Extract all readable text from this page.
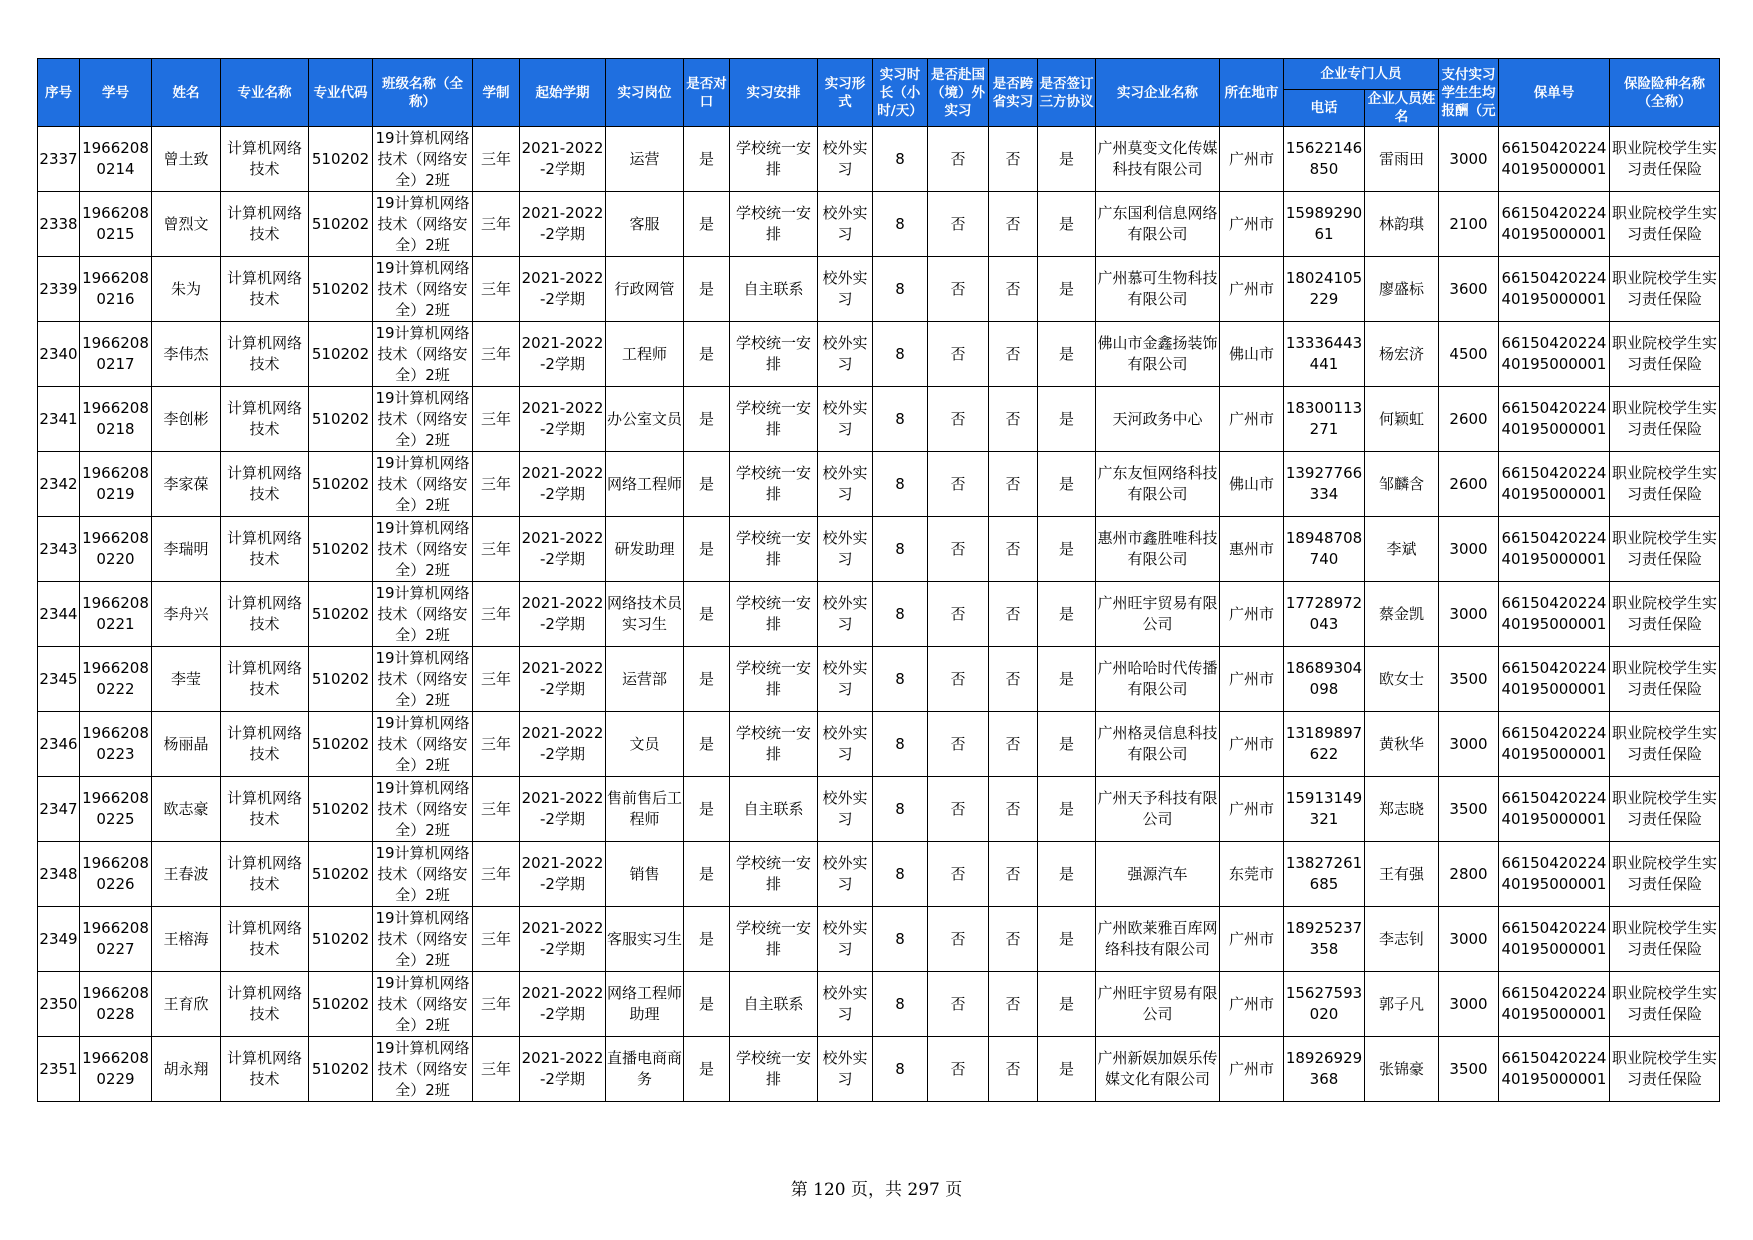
序号	学号	姓名	专业名称	专业代码	班级名称（全称）	学制	起始学期	实习岗位	是否对口	实习安排	实习形式	实习时长（小时/天）	是否赴国（境）外实习	是否跨省实习	是否签订三方协议	实习企业名称	所在地市	企业专门人员		支付实习学生生均报酬（元	保单号	保险险种名称（全称）
																		电话	企业人员姓名			

2337	19662080214	曾土致	计算机网络技术	510202	19计算机网络技术（网络安全）2班	三年	2021-2022-2学期	运营	是	学校统一安排	校外实习	8	否	否	是	广州莫变文化传媒科技有限公司	广州市	15622146850	雷雨田	3000	6615042022440195000001	职业院校学生实习责任保险

2338	19662080215	曾烈文	计算机网络技术	510202	19计算机网络技术（网络安全）2班	三年	2021-2022-2学期	客服	是	学校统一安排	校外实习	8	否	否	是	广东国利信息网络有限公司	广州市	1598929061	林韵琪	2100	6615042022440195000001	职业院校学生实习责任保险

2339	19662080216	朱为	计算机网络技术	510202	19计算机网络技术（网络安全）2班	三年	2021-2022-2学期	行政网管	是	自主联系	校外实习	8	否	否	是	广州慕可生物科技有限公司	广州市	18024105229	廖盛标	3600	6615042022440195000001	职业院校学生实习责任保险

2340	19662080217	李伟杰	计算机网络技术	510202	19计算机网络技术（网络安全）2班	三年	2021-2022-2学期	工程师	是	学校统一安排	校外实习	8	否	否	是	佛山市金鑫扬装饰有限公司	佛山市	13336443441	杨宏济	4500	6615042022440195000001	职业院校学生实习责任保险

2341	19662080218	李创彬	计算机网络技术	510202	19计算机网络技术（网络安全）2班	三年	2021-2022-2学期	办公室文员	是	学校统一安排	校外实习	8	否	否	是	天河政务中心	广州市	18300113271	何颖虹	2600	6615042022440195000001	职业院校学生实习责任保险

2342	19662080219	李家葆	计算机网络技术	510202	19计算机网络技术（网络安全）2班	三年	2021-2022-2学期	网络工程师	是	学校统一安排	校外实习	8	否	否	是	广东友恒网络科技有限公司	佛山市	13927766334	邹麟含	2600	6615042022440195000001	职业院校学生实习责任保险

2343	19662080220	李瑞明	计算机网络技术	510202	19计算机网络技术（网络安全）2班	三年	2021-2022-2学期	研发助理	是	学校统一安排	校外实习	8	否	否	是	惠州市鑫胜唯科技有限公司	惠州市	18948708740	李斌	3000	6615042022440195000001	职业院校学生实习责任保险

2344	19662080221	李舟兴	计算机网络技术	510202	19计算机网络技术（网络安全）2班	三年	2021-2022-2学期	网络技术员实习生	是	学校统一安排	校外实习	8	否	否	是	广州旺宇贸易有限公司	广州市	17728972043	蔡金凯	3000	6615042022440195000001	职业院校学生实习责任保险

2345	19662080222	李莹	计算机网络技术	510202	19计算机网络技术（网络安全）2班	三年	2021-2022-2学期	运营部	是	学校统一安排	校外实习	8	否	否	是	广州哈哈时代传播有限公司	广州市	18689304098	欧女士	3500	6615042022440195000001	职业院校学生实习责任保险

2346	19662080223	杨丽晶	计算机网络技术	510202	19计算机网络技术（网络安全）2班	三年	2021-2022-2学期	文员	是	学校统一安排	校外实习	8	否	否	是	广州格灵信息科技有限公司	广州市	13189897622	黄秋华	3000	6615042022440195000001	职业院校学生实习责任保险

2347	19662080225	欧志豪	计算机网络技术	510202	19计算机网络技术（网络安全）2班	三年	2021-2022-2学期	售前售后工程师	是	自主联系	校外实习	8	否	否	是	广州天予科技有限公司	广州市	15913149321	郑志晓	3500	6615042022440195000001	职业院校学生实习责任保险

2348	19662080226	王春波	计算机网络技术	510202	19计算机网络技术（网络安全）2班	三年	2021-2022-2学期	销售	是	学校统一安排	校外实习	8	否	否	是	强源汽车	东莞市	13827261685	王有强	2800	6615042022440195000001	职业院校学生实习责任保险

2349	19662080227	王榕海	计算机网络技术	510202	19计算机网络技术（网络安全）2班	三年	2021-2022-2学期	客服实习生	是	学校统一安排	校外实习	8	否	否	是	广州欧莱雅百库网络科技有限公司	广州市	18925237358	李志钊	3000	6615042022440195000001	职业院校学生实习责任保险

2350	19662080228	王育欣	计算机网络技术	510202	19计算机网络技术（网络安全）2班	三年	2021-2022-2学期	网络工程师助理	是	自主联系	校外实习	8	否	否	是	广州旺宇贸易有限公司	广州市	15627593020	郭子凡	3000	6615042022440195000001	职业院校学生实习责任保险

2351	19662080229	胡永翔	计算机网络技术	510202	19计算机网络技术（网络安全）2班	三年	2021-2022-2学期	直播电商商务	是	学校统一安排	校外实习	8	否	否	是	广州新娱加娱乐传媒文化有限公司	广州市	18926929368	张锦豪	3500	6615042022440195000001	职业院校学生实习责任保险
第 120 页，共 297 页
